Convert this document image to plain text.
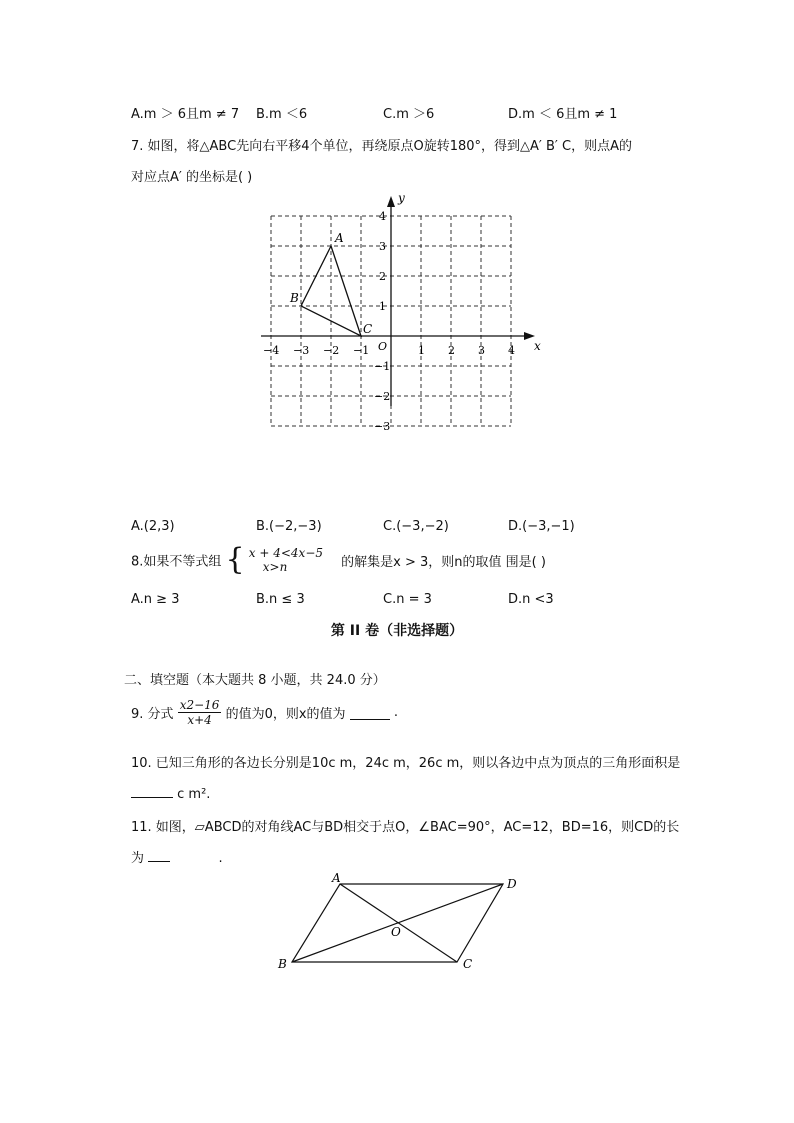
A.m ＞ 6且m ≠ 7 B.m ＜6	C.m ＞6	D.m ＜ 6且m ≠ 1
7. 如图，将△ABC先向右平移4个单位，再绕原点O旋转180°，得到△A′ B′ C，则点A的
对应点A′ 的坐标是( )
−4 −3 −2 −1	1 2 3 4
4
3
2
1
−1
−2
−3
A
B
C
x
y
O
A.(2,3)	B.(−2,−3)	C.(−3,−2)	D.(−3,−1)
8.如果不等式组 { x + 4<4x−5
x>n	的解集是x > 3，则n的取值 围是( )
A.n ≥ 3	B.n ≤ 3	C.n = 3	D.n <3
第 II 卷（非选择题）
二、填空题（本大题共 8 小题，共 24.0 分）
9. 分式 $\frac{x2-16}{x+4}$ 的值为0，则x的值为	.
10. 已知三角形的各边长分别是10c m，24c m，26c m，则以各边中点为顶点的三角形面积是
c m².
11. 如图，▱ABCD的对角线AC与BD相交于点O，∠BAC=90°，AC=12，BD=16，则CD的长
为	.
A
B	C
D
O
